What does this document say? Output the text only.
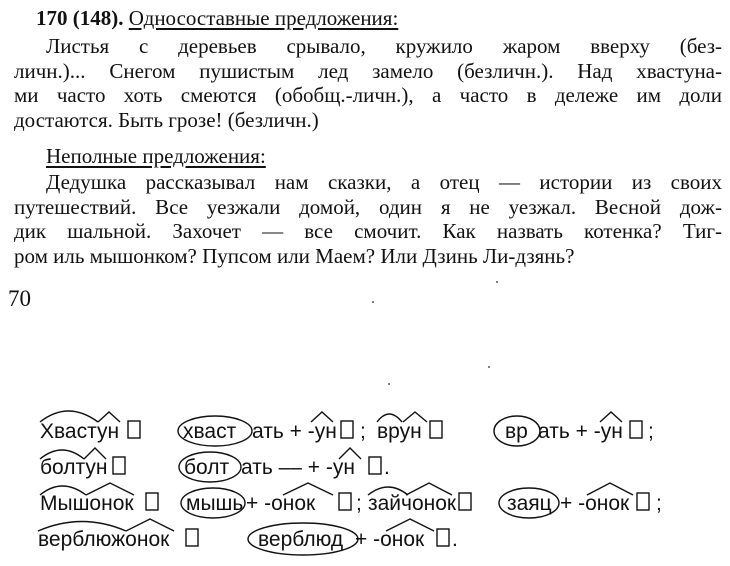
170 (148). Односоставные предложения:
Листья с деревьев срывало, кружило жаром вверху (без-
личн.)... Снегом пушистым лед замело (безличн.). Над хвастуна-
ми часто хоть смеются (обобщ.-личн.), а часто в дележе им доли
достаются. Быть грозе! (безличн.)
Неполные предложения:
Дедушка рассказывал нам сказки, а отец –– истории из своих
путешествий. Все уезжали домой, один я не уезжал. Весной дож-
дик шальной. Захочет — все смочит. Как назвать котенка? Тиг-
ром иль мышонком? Пупсом или Маем? Или Дзинь Ли-дзянь?
70
Хвастун	хваст ать + -ун ; врун	вр ать + -ун ;
болтун	болт ать –– + -ун .
Мышонок мышь + -онок ; зайчонок заяц + -онок ;
верблюжонок	верблюд + -онок .
